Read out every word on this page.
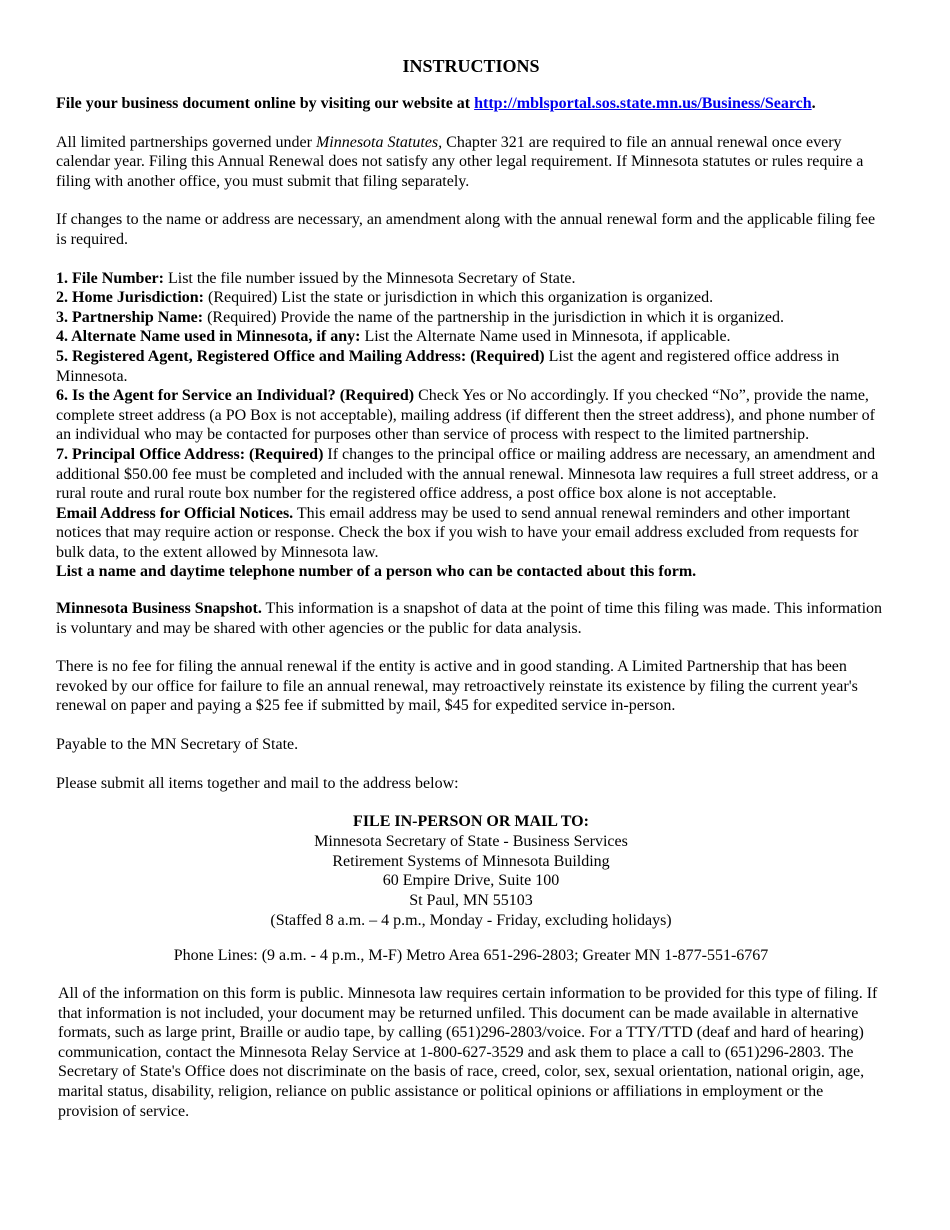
INSTRUCTIONS

File your business document online by visiting our website at http://mblsportal.sos.state.mn.us/Business/Search.

All limited partnerships governed under Minnesota Statutes, Chapter 321 are required to file an annual renewal once every calendar year. Filing this Annual Renewal does not satisfy any other legal requirement. If Minnesota statutes or rules require a filing with another office, you must submit that filing separately.

If changes to the name or address are necessary, an amendment along with the annual renewal form and the applicable filing fee is required.

1. File Number: List the file number issued by the Minnesota Secretary of State.

2. Home Jurisdiction: (Required) List the state or jurisdiction in which this organization is organized.

3. Partnership Name: (Required) Provide the name of the partnership in the jurisdiction in which it is organized.

4. Alternate Name used in Minnesota, if any: List the Alternate Name used in Minnesota, if applicable.

5. Registered Agent, Registered Office and Mailing Address: (Required) List the agent and registered office address in Minnesota.

6. Is the Agent for Service an Individual? (Required) Check Yes or No accordingly. If you checked “No”, provide the name, complete street address (a PO Box is not acceptable), mailing address (if different then the street address), and phone number of an individual who may be contacted for purposes other than service of process with respect to the limited partnership.

7. Principal Office Address: (Required) If changes to the principal office or mailing address are necessary, an amendment and additional $50.00 fee must be completed and included with the annual renewal. Minnesota law requires a full street address, or a rural route and rural route box number for the registered office address, a post office box alone is not acceptable.

Email Address for Official Notices. This email address may be used to send annual renewal reminders and other important notices that may require action or response. Check the box if you wish to have your email address excluded from requests for bulk data, to the extent allowed by Minnesota law.

List a name and daytime telephone number of a person who can be contacted about this form.

Minnesota Business Snapshot. This information is a snapshot of data at the point of time this filing was made. This information is voluntary and may be shared with other agencies or the public for data analysis.

There is no fee for filing the annual renewal if the entity is active and in good standing. A Limited Partnership that has been revoked by our office for failure to file an annual renewal, may retroactively reinstate its existence by filing the current year's renewal on paper and paying a $25 fee if submitted by mail, $45 for expedited service in-person.

Payable to the MN Secretary of State.

Please submit all items together and mail to the address below:

FILE IN-PERSON OR MAIL TO:

Minnesota Secretary of State - Business Services

Retirement Systems of Minnesota Building

60 Empire Drive, Suite 100

St Paul, MN 55103

(Staffed 8 a.m. – 4 p.m., Monday - Friday, excluding holidays)

Phone Lines: (9 a.m. - 4 p.m., M-F) Metro Area 651-296-2803; Greater MN 1-877-551-6767

All of the information on this form is public. Minnesota law requires certain information to be provided for this type of filing. If that information is not included, your document may be returned unfiled. This document can be made available in alternative formats, such as large print, Braille or audio tape, by calling (651)296-2803/voice. For a TTY/TTD (deaf and hard of hearing) communication, contact the Minnesota Relay Service at 1-800-627-3529 and ask them to place a call to (651)296-2803. The Secretary of State's Office does not discriminate on the basis of race, creed, color, sex, sexual orientation, national origin, age, marital status, disability, religion, reliance on public assistance or political opinions or affiliations in employment or the provision of service.
